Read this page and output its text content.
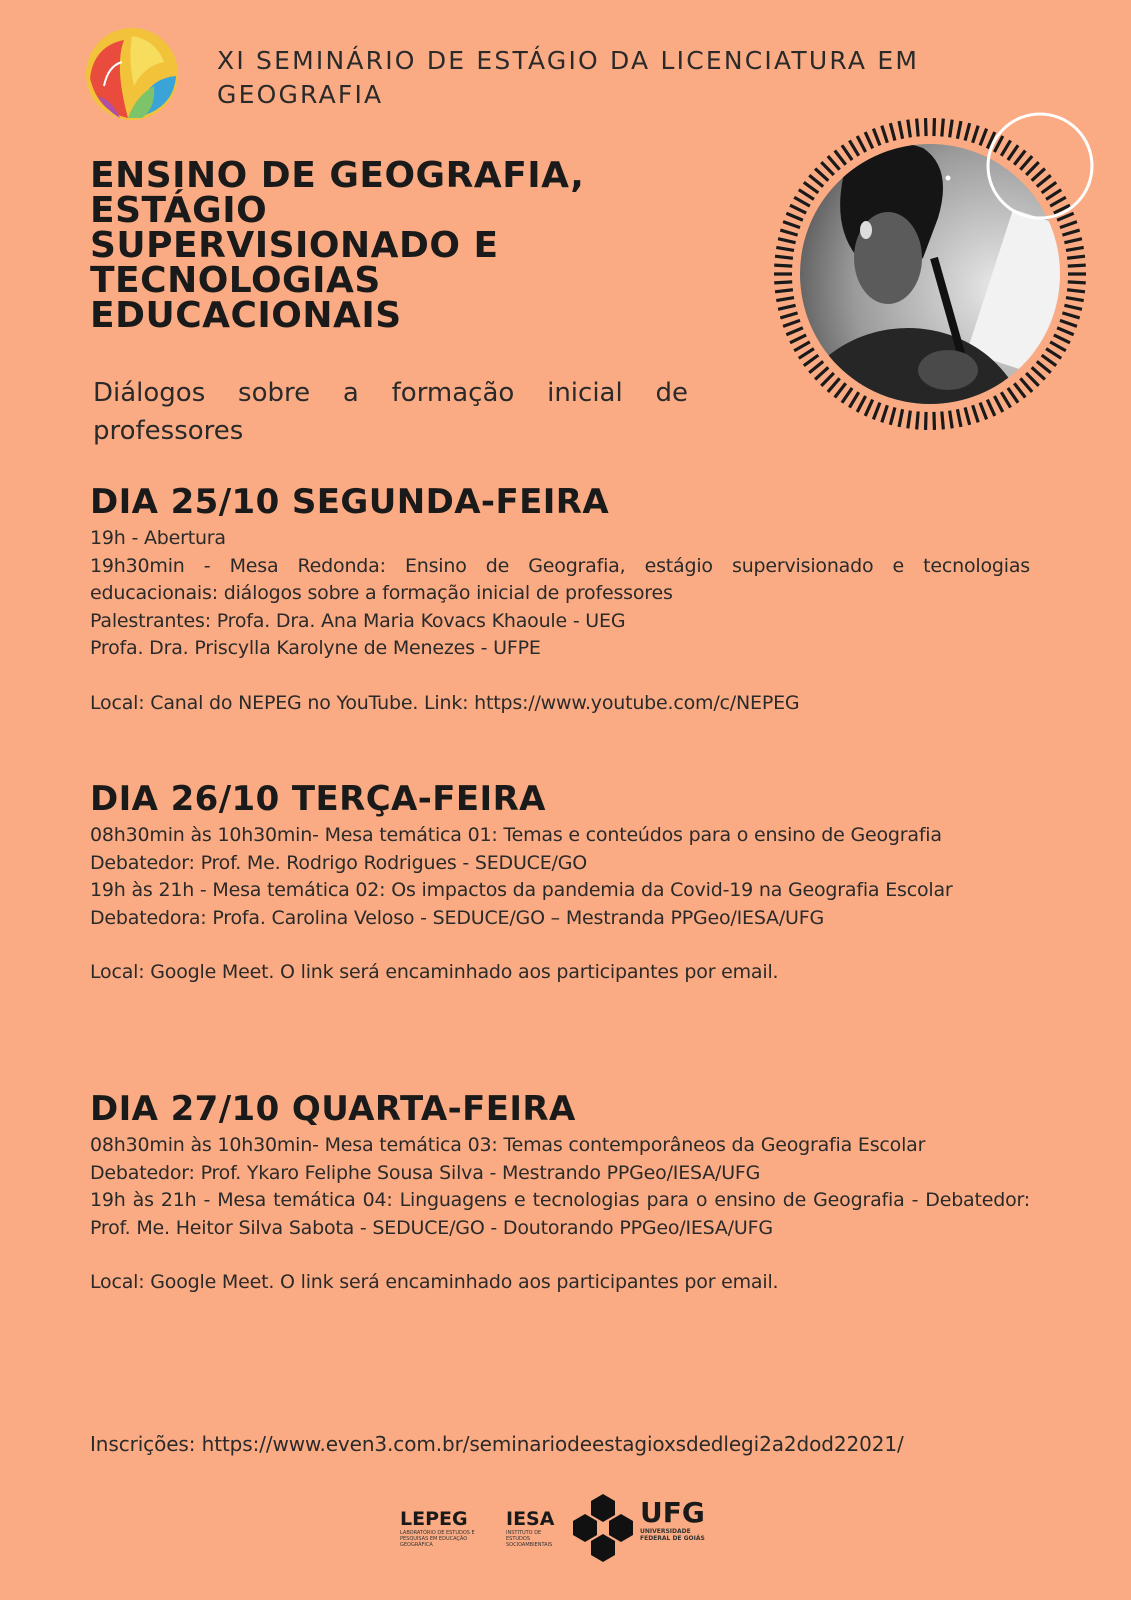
XI SEMINÁRIO DE ESTÁGIO DA LICENCIATURA EM GEOGRAFIA
ENSINO DE GEOGRAFIA,
ESTÁGIO
SUPERVISIONADO E
TECNOLOGIAS
EDUCACIONAIS
Diálogos sobre a formação inicial de professores
DIA 25/10 SEGUNDA-FEIRA
19h - Abertura
19h30min - Mesa Redonda: Ensino de Geografia, estágio supervisionado e tecnologias educacionais: diálogos sobre a formação inicial de professores
Palestrantes: Profa. Dra. Ana Maria Kovacs Khaoule - UEG
Profa. Dra. Priscylla Karolyne de Menezes - UFPE
Local: Canal do NEPEG no YouTube. Link: https://www.youtube.com/c/NEPEG
DIA 26/10 TERÇA-FEIRA
08h30min às 10h30min- Mesa temática 01: Temas e conteúdos para o ensino de Geografia
Debatedor: Prof. Me. Rodrigo Rodrigues - SEDUCE/GO
19h às 21h - Mesa temática 02: Os impactos da pandemia da Covid-19 na Geografia Escolar
Debatedora: Profa. Carolina Veloso - SEDUCE/GO – Mestranda PPGeo/IESA/UFG
Local: Google Meet. O link será encaminhado aos participantes por email.
DIA 27/10 QUARTA-FEIRA
08h30min às 10h30min- Mesa temática 03: Temas contemporâneos da Geografia Escolar
Debatedor: Prof. Ykaro Feliphe Sousa Silva - Mestrando PPGeo/IESA/UFG
19h às 21h - Mesa temática 04: Linguagens e tecnologias para o ensino de Geografia - Debatedor: Prof. Me. Heitor Silva Sabota - SEDUCE/GO - Doutorando PPGeo/IESA/UFG
Local: Google Meet. O link será encaminhado aos participantes por email.
Inscrições: https://www.even3.com.br/seminariodeestagioxsdedlegi2a2dod22021/
LEPEG
LABORATÓRIO DE ESTUDOS E PESQUISAS EM EDUCAÇÃO GEOGRÁFICA
IESA
INSTITUTO DE ESTUDOS SOCIOAMBIENTAIS
UFG
UNIVERSIDADE FEDERAL DE GOIÁS
